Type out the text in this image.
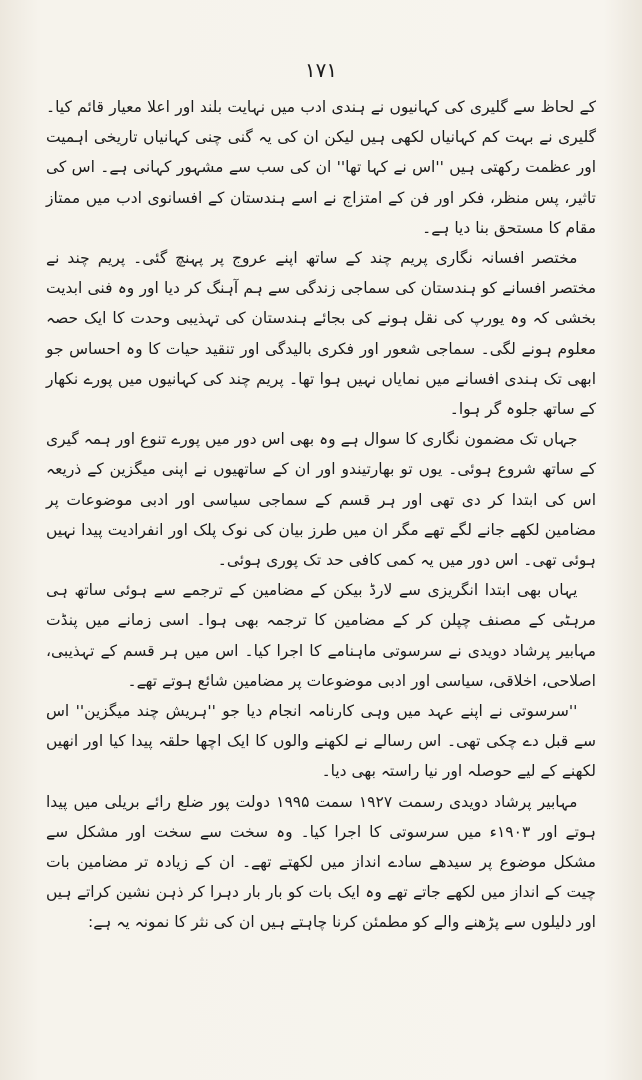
۱۷۱

کے لحاظ سے گلیری کی کہانیوں نے ہندی ادب میں نہایت بلند اور اعلا معیار قائم کیا۔ گلیری نے بہت کم کہانیاں لکھی ہیں لیکن ان کی یہ گنی چنی کہانیاں تاریخی اہمیت اور عظمت رکھتی ہیں ''اس نے کہا تھا'' ان کی سب سے مشہور کہانی ہے۔ اس کی تاثیر، پس منظر، فکر اور فن کے امتزاج نے اسے ہندستان کے افسانوی ادب میں ممتاز مقام کا مستحق بنا دیا ہے۔

مختصر افسانہ نگاری پریم چند کے ساتھ اپنے عروج پر پہنچ گئی۔ پریم چند نے مختصر افسانے کو ہندستان کی سماجی زندگی سے ہم آہنگ کر دیا اور وہ فنی ابدیت بخشی کہ وہ یورپ کی نقل ہونے کی بجائے ہندستان کی تہذیبی وحدت کا ایک حصہ معلوم ہونے لگی۔ سماجی شعور اور فکری بالیدگی اور تنقید حیات کا وہ احساس جو ابھی تک ہندی افسانے میں نمایاں نہیں ہوا تھا۔ پریم چند کی کہانیوں میں پورے نکھار کے ساتھ جلوہ گر ہوا۔

جہاں تک مضمون نگاری کا سوال ہے وہ بھی اس دور میں پورے تنوع اور ہمہ گیری کے ساتھ شروع ہوئی۔ یوں تو بھارتیندو اور ان کے ساتھیوں نے اپنی میگزین کے ذریعہ اس کی ابتدا کر دی تھی اور ہر قسم کے سماجی سیاسی اور ادبی موضوعات پر مضامین لکھے جانے لگے تھے مگر ان میں طرز بیان کی نوک پلک اور انفرادیت پیدا نہیں ہوئی تھی۔ اس دور میں یہ کمی کافی حد تک پوری ہوئی۔

یہاں بھی ابتدا انگریزی سے لارڈ بیکن کے مضامین کے ترجمے سے ہوئی ساتھ ہی مرہٹی کے مصنف چپلن کر کے مضامین کا ترجمہ بھی ہوا۔ اسی زمانے میں پنڈت مہابیر پرشاد دویدی نے سرسوتی ماہنامے کا اجرا کیا۔ اس میں ہر قسم کے تہذیبی، اصلاحی، اخلاقی، سیاسی اور ادبی موضوعات پر مضامین شائع ہوتے تھے۔

''سرسوتی نے اپنے عہد میں وہی کارنامہ انجام دیا جو ''ہریش چند میگزین'' اس سے قبل دے چکی تھی۔ اس رسالے نے لکھنے والوں کا ایک اچھا حلقہ پیدا کیا اور انھیں لکھنے کے لیے حوصلہ اور نیا راستہ بھی دیا۔

مہابیر پرشاد دویدی رسمت ۱۹۲۷ سمت ۱۹۹۵ دولت پور ضلع رائے بریلی میں پیدا ہوتے اور ۱۹۰۳ء میں سرسوتی کا اجرا کیا۔ وہ سخت سے سخت اور مشکل سے مشکل موضوع پر سیدھے سادے انداز میں لکھتے تھے۔ ان کے زیادہ تر مضامین بات چیت کے انداز میں لکھے جاتے تھے وہ ایک بات کو بار بار دہرا کر ذہن نشین کراتے ہیں اور دلیلوں سے پڑھنے والے کو مطمئن کرنا چاہتے ہیں ان کی نثر کا نمونہ یہ ہے:
